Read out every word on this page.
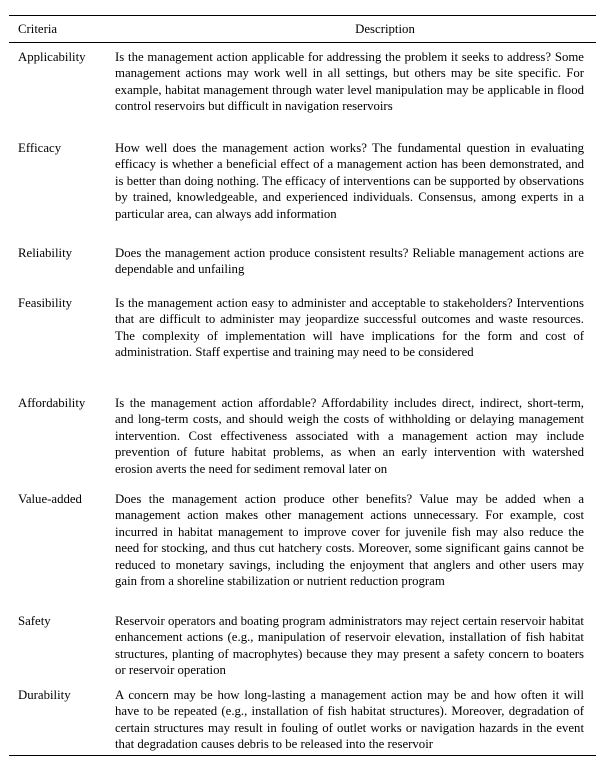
Criteria	Description
Applicability Is the management action applicable for addressing the problem it seeks to address? Some management actions may work well in all settings, but others may be site specific. For example, habitat management through water level manipulation may be applicable in flood control reservoirs but difficult in navigation reservoirs
Efficacy	How well does the management action works? The fundamental question in evaluating efficacy is whether a beneficial effect of a management action has been demonstrated, and is better than doing nothing. The efficacy of interventions can be supported by observations by trained, knowledgeable, and experienced individuals. Consensus, among experts in a particular area, can always add information
Reliability	Does the management action produce consistent results? Reliable management actions are dependable and unfailing
Feasibility	Is the management action easy to administer and acceptable to stakeholders? Interventions that are difficult to administer may jeopardize successful outcomes and waste resources. The complexity of implementation will have implications for the form and cost of administration. Staff expertise and training may need to be considered
Affordability Is the management action affordable? Affordability includes direct, indirect, short-term, and long-term costs, and should weigh the costs of withholding or delaying management intervention. Cost effectiveness associated with a management action may include prevention of future habitat problems, as when an early intervention with watershed erosion averts the need for sediment removal later on
Value-added	Does the management action produce other benefits? Value may be added when a management action makes other management actions unnecessary. For example, cost incurred in habitat management to improve cover for juvenile fish may also reduce the need for stocking, and thus cut hatchery costs. Moreover, some significant gains cannot be reduced to monetary savings, including the enjoyment that anglers and other users may gain from a shoreline stabilization or nutrient reduction program
Safety	Reservoir operators and boating program administrators may reject certain reservoir habitat enhancement actions (e.g., manipulation of reservoir elevation, installation of fish habitat structures, planting of macrophytes) because they may present a safety concern to boaters or reservoir operation
Durability	A concern may be how long-lasting a management action may be and how often it will have to be repeated (e.g., installation of fish habitat structures). Moreover, degradation of certain structures may result in fouling of outlet works or navigation hazards in the event that degradation causes debris to be released into the reservoir
